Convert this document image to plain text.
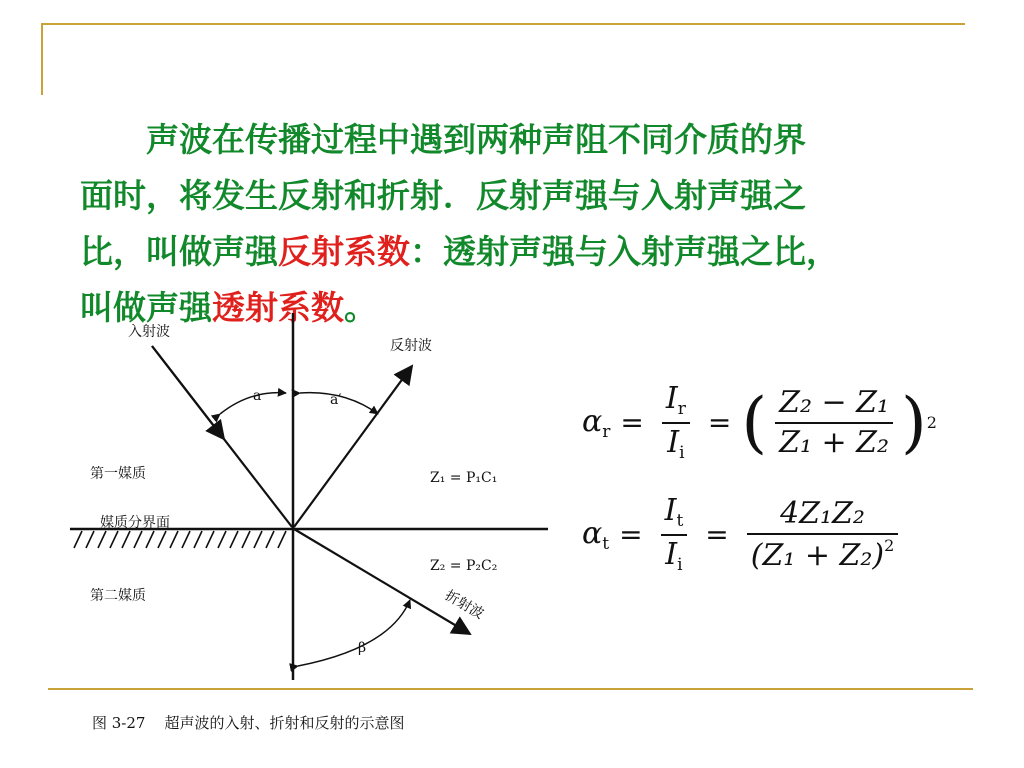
　　声波在传播过程中遇到两种声阻不同介质的界
面时，将发生反射和折射．反射声强与入射声强之
比，叫做声强反射系数：透射声强与入射声强之比，
叫做声强透射系数。
入射波
反射波
a	a′
第一媒质	Z₁ = P₁C₁
媒质分界面
Z₂ = P₂C₂
第二媒质	折射波
β
$\alpha_r = \frac{I_r}{I_i}$ = ( $\frac{\text{Z₂ − Z₁}}{\text{Z₁ + Z₂}}$ ) 2
$\alpha_t = \frac{I_t}{I_i} = \frac{\text{4Z₁Z₂}}{(Z_1 + Z_2)^2}$
图 3-27    超声波的入射、折射和反射的示意图
